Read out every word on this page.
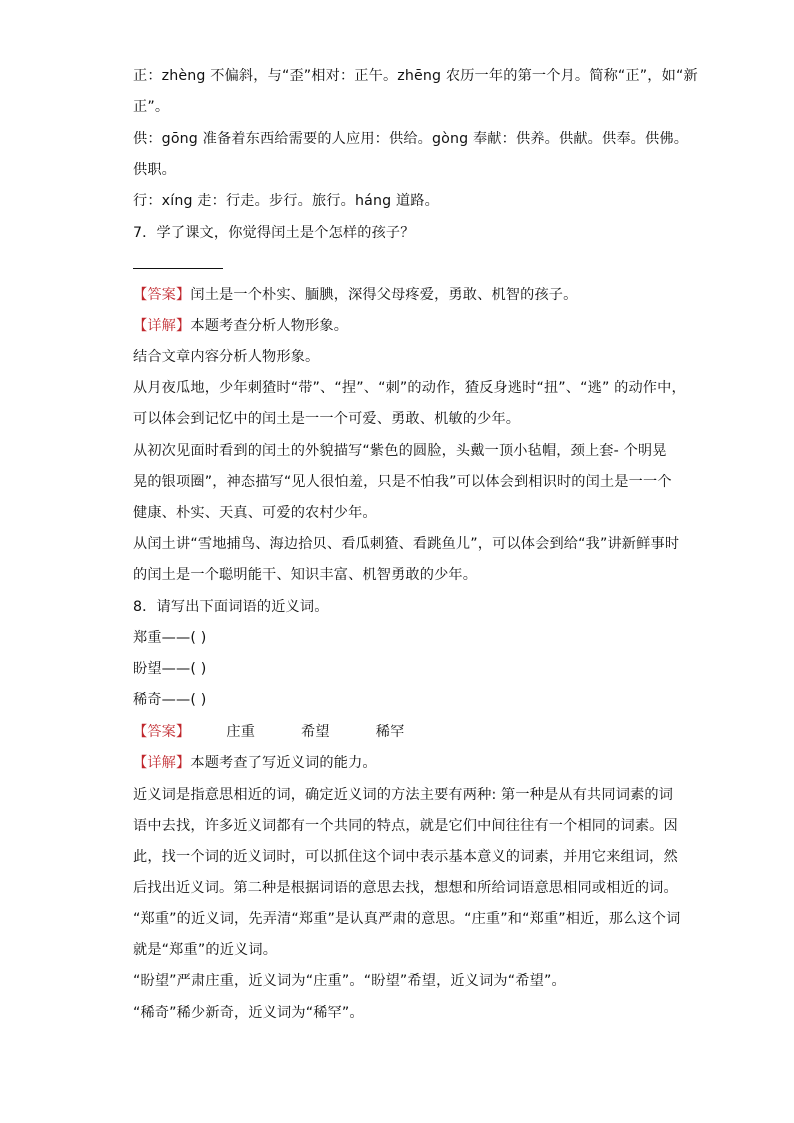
正：zhèng 不偏斜，与“歪”相对：正午。zhēng 农历一年的第一个月。简称“正”，如“新
正”。
供：gōng 准备着东西给需要的人应用：供给。gòng 奉献：供养。供献。供奉。供佛。
供职。
行：xíng 走：行走。步行。旅行。háng 道路。
7．学了课文，你觉得闰土是个怎样的孩子？
【答案】闰土是一个朴实、腼腆，深得父母疼爱，勇敢、机智的孩子。
【详解】本题考查分析人物形象。
结合文章内容分析人物形象。
从月夜瓜地，少年刺猹时“带”、“捏”、“刺”的动作，猹反身逃时“扭”、“逃” 的动作中，
可以体会到记忆中的闰土是一一个可爱、勇敢、机敏的少年。
从初次见面时看到的闰土的外貌描写“紫色的圆脸，头戴一顶小毡帽，颈上套- 个明晃
晃的银项圈”，神态描写“见人很怕羞，只是不怕我”可以体会到相识时的闰土是一一个
健康、朴实、天真、可爱的农村少年。
从闰土讲“雪地捕鸟、海边拾贝、看瓜刺猹、看跳鱼儿”，可以体会到给“我”讲新鲜事时
的闰土是一个聪明能干、知识丰富、机智勇敢的少年。
8．请写出下面词语的近义词。
郑重——( )
盼望——( )
稀奇——( )
【答案】	庄重	希望	稀罕
【详解】本题考查了写近义词的能力。
近义词是指意思相近的词，确定近义词的方法主要有两种: 第一种是从有共同词素的词
语中去找，许多近义词都有一个共同的特点，就是它们中间往往有一个相同的词素。因
此，找一个词的近义词时，可以抓住这个词中表示基本意义的词素，并用它来组词，然
后找出近义词。第二种是根据词语的意思去找，想想和所给词语意思相同或相近的词。
“郑重”的近义词，先弄清“郑重”是认真严肃的意思。“庄重”和“郑重”相近，那么这个词
就是“郑重”的近义词。
“盼望”严肃庄重，近义词为“庄重”。“盼望”希望，近义词为“希望”。
“稀奇”稀少新奇，近义词为“稀罕”。
